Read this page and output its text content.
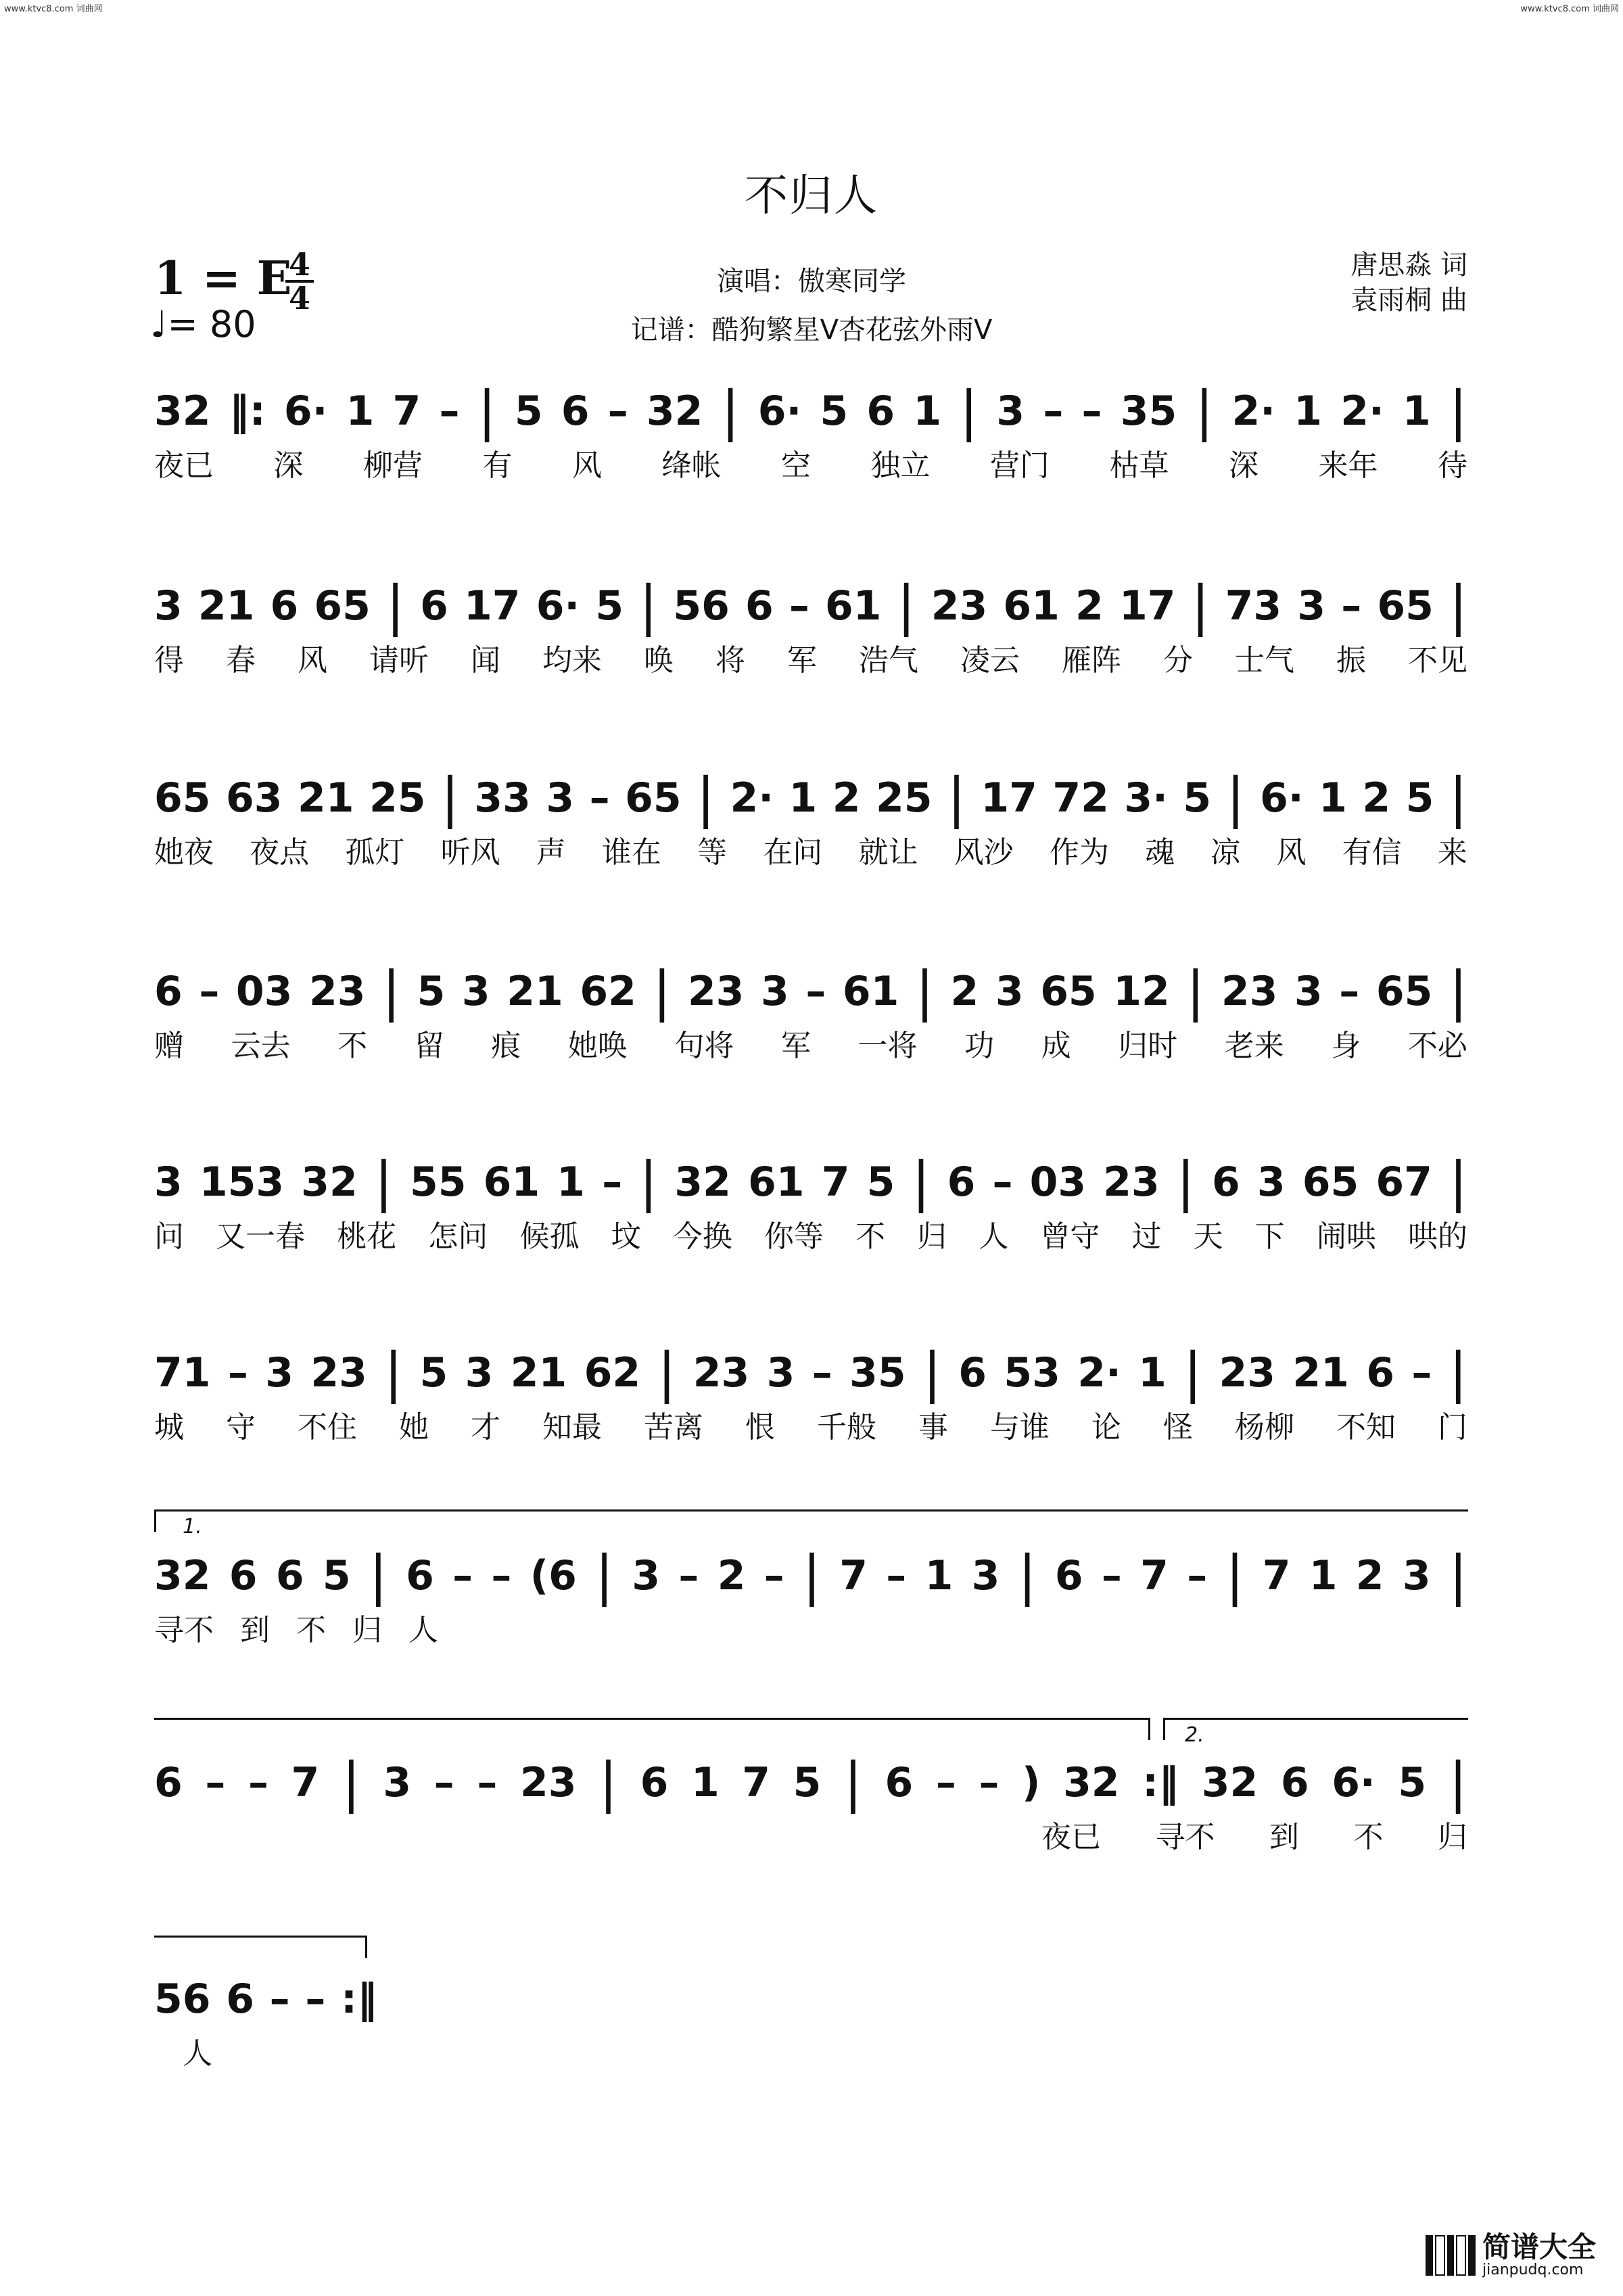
www.ktvc8.com 词曲网	www.ktvc8.com 词曲网
不归人
1 = E
4
4
♩= 80
演唱：傲寒同学
记谱：酷狗繁星V杏花弦外雨V
唐思淼 词
袁雨桐 曲
32 ‖: 6· 1 7 – | 5 6 – 32 | 6· 5 6 1 | 3 – – 35 | 2· 1 2· 1 |
夜已 深 柳营 有 风 绛帐 空 独立 营门 枯草 深 来年 待
3 21 6 65 | 6 17 6· 5 | 56 6 – 61 | 23 61 2 17 | 73 3 – 65 |
得 春 风 请听 闻 均来 唤 将 军 浩气 凌云 雁阵 分 士气 振 不见
65 63 21 25 | 33 3 – 65 | 2· 1 2 25 | 17 72 3· 5 | 6· 1 2 5 |
她夜 夜点 孤灯 听风 声 谁在 等 在问 就让 风沙 作为 魂 凉 风 有信 来
6 – 03 23 | 5 3 21 62 | 23 3 – 61 | 2 3 65 12 | 23 3 – 65 |
赠 云去 不 留 痕 她唤 句将 军 一将 功 成 归时 老来 身 不必
3 153 32 | 55 61 1 – | 32 61 7 5 | 6 – 03 23 | 6 3 65 67 |
问 又一春 桃花 怎问 候孤 坟 今换 你等 不 归 人 曾守 过 天 下 闹哄 哄的
71 – 3 23 | 5 3 21 62 | 23 3 – 35 | 6 53 2· 1 | 23 21 6 – |
城 守 不住 她 才 知最 苦离 恨 千般 事 与谁 论 怪 杨柳 不知 门
32 6 6 5 | 6 – – (6 | 3 – 2 – | 7 – 1 3 | 6 – 7 – | 7 1 2 3 |
寻不 到 不 归 人
6 – – 7 | 3 – – 23 | 6 1 7 5 | 6 – – ) 32 :‖ 32 6 6· 5 |
夜已 寻不 到 不 归
56 6 – – :‖
人
1.
2.
简谱大全
jianpudq.com
